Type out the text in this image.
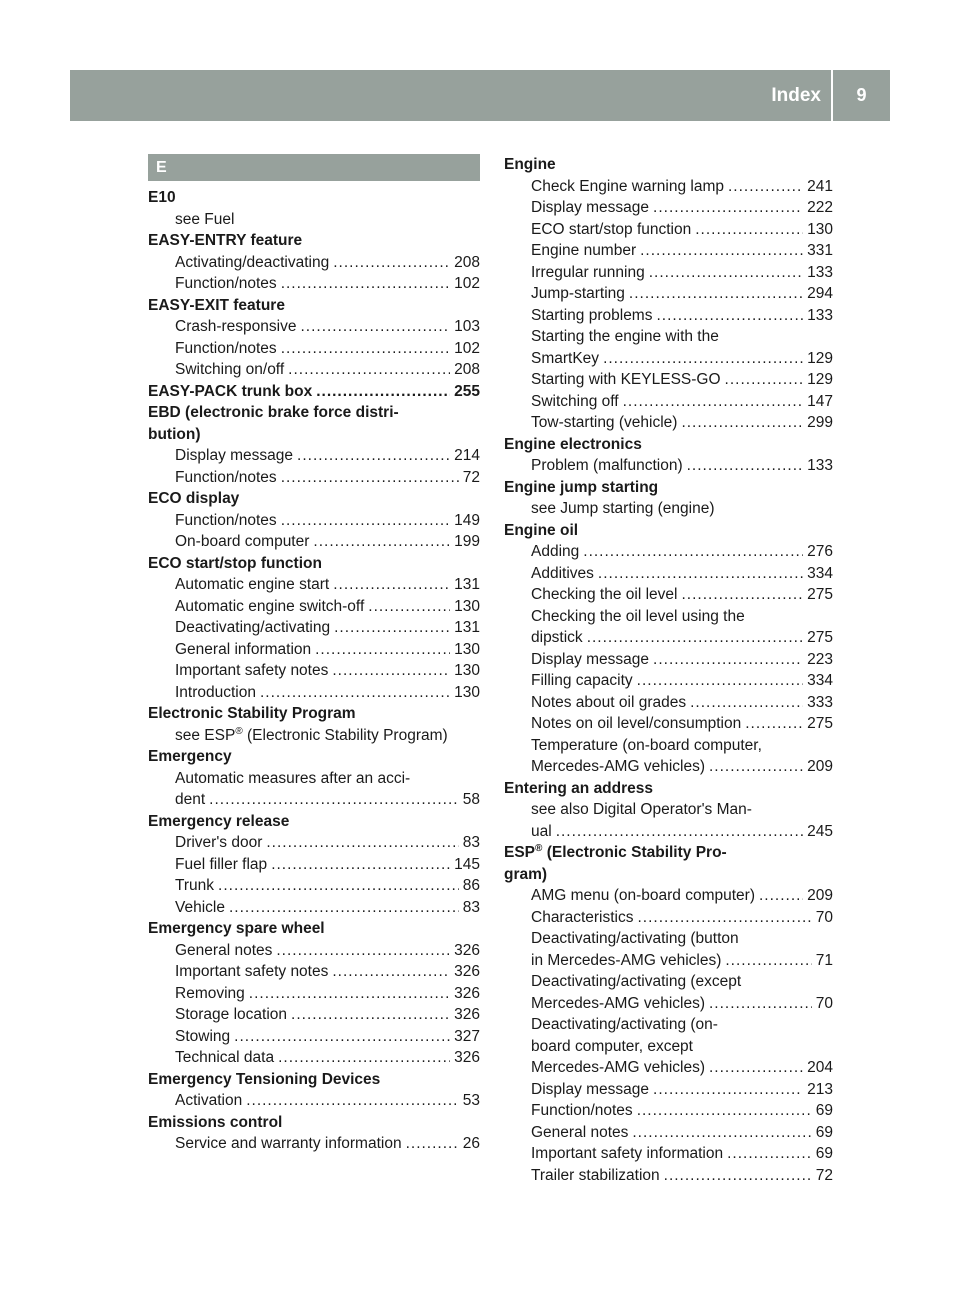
Index	9
E
E10
see Fuel
EASY-ENTRY feature
Activating/deactivating .....	208
Function/notes .....	102
EASY-EXIT feature
Crash-responsive .....	103
Function/notes .....	102
Switching on/off .....	208
EASY-PACK trunk box .....	255
EBD (electronic brake force distri-
bution)
Display message .....	214
Function/notes .....	72
ECO display
Function/notes .....	149
On-board computer .....	199
ECO start/stop function
Automatic engine start .....	131
Automatic engine switch-off .....	130
Deactivating/activating .....	131
General information .....	130
Important safety notes .....	130
Introduction .....	130
Electronic Stability Program
see ESP® (Electronic Stability Program)
Emergency
Automatic measures after an acci-
dent .....	58
Emergency release
Driver's door .....	83
Fuel filler flap .....	145
Trunk .....	86
Vehicle .....	83
Emergency spare wheel
General notes .....	326
Important safety notes .....	326
Removing .....	326
Storage location .....	326
Stowing .....	327
Technical data .....	326
Emergency Tensioning Devices
Activation .....	53
Emissions control
Service and warranty information .....	26
Engine
Check Engine warning lamp .....	241
Display message .....	222
ECO start/stop function .....	130
Engine number .....	331
Irregular running .....	133
Jump-starting .....	294
Starting problems .....	133
Starting the engine with the
SmartKey .....	129
Starting with KEYLESS-GO .....	129
Switching off .....	147
Tow-starting (vehicle) .....	299
Engine electronics
Problem (malfunction) .....	133
Engine jump starting
see Jump starting (engine)
Engine oil
Adding .....	276
Additives .....	334
Checking the oil level .....	275
Checking the oil level using the
dipstick .....	275
Display message .....	223
Filling capacity .....	334
Notes about oil grades .....	333
Notes on oil level/consumption .....	275
Temperature (on-board computer,
Mercedes-AMG vehicles) .....	209
Entering an address
see also Digital Operator's Man-
ual .....	245
ESP® (Electronic Stability Pro-
gram)
AMG menu (on-board computer) .....	209
Characteristics .....	70
Deactivating/activating (button
in Mercedes-AMG vehicles) .....	71
Deactivating/activating (except
Mercedes-AMG vehicles) .....	70
Deactivating/activating (on-
board computer, except
Mercedes-AMG vehicles) .....	204
Display message .....	213
Function/notes .....	69
General notes .....	69
Important safety information .....	69
Trailer stabilization .....	72
